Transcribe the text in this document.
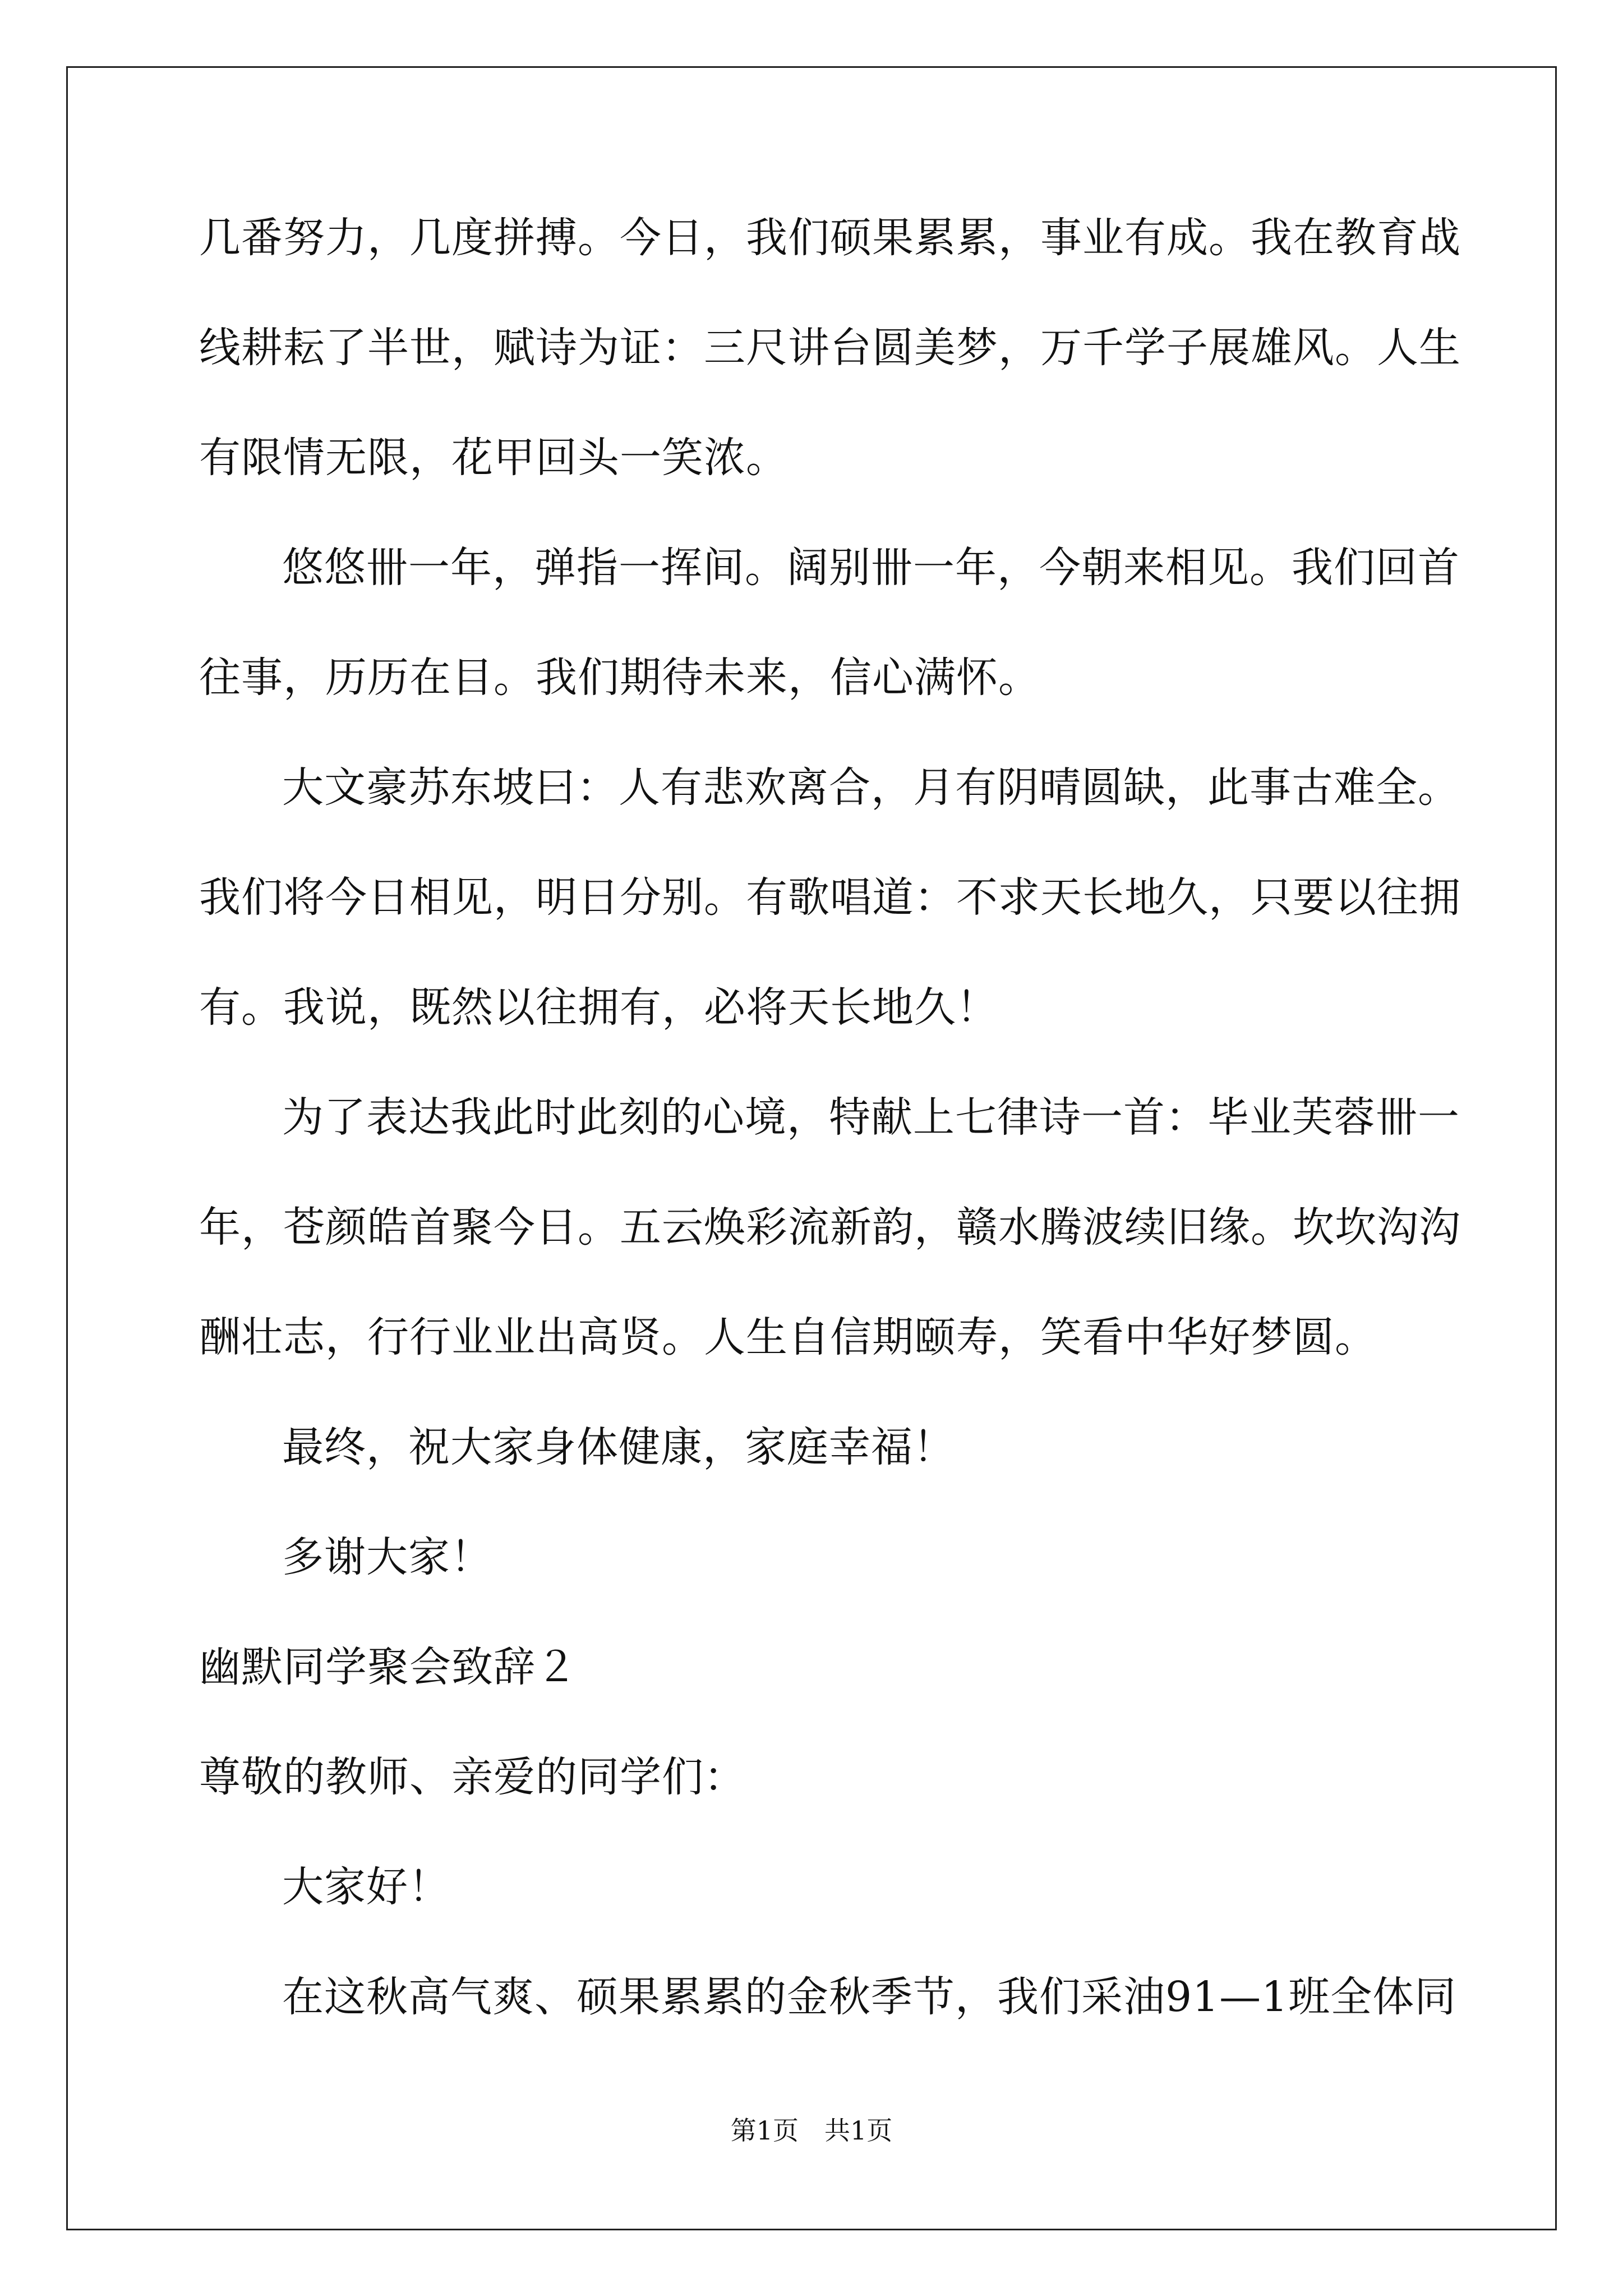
几番努力，几度拼搏。今日，我们硕果累累，事业有成。我在教育战
线耕耘了半世，赋诗为证：三尺讲台圆美梦，万千学子展雄风。人生
有限情无限，花甲回头一笑浓。
悠悠卌一年，弹指一挥间。阔别卌一年，今朝来相见。我们回首
往事，历历在目。我们期待未来，信心满怀。
大文豪苏东坡曰：人有悲欢离合，月有阴晴圆缺，此事古难全。
我们将今日相见，明日分别。有歌唱道：不求天长地久，只要以往拥
有。我说，既然以往拥有，必将天长地久！
为了表达我此时此刻的心境，特献上七律诗一首：毕业芙蓉卌一
年，苍颜皓首聚今日。五云焕彩流新韵，赣水腾波续旧缘。坎坎沟沟
酬壮志，行行业业出高贤。人生自信期颐寿，笑看中华好梦圆。
最终，祝大家身体健康，家庭幸福！
多谢大家！
幽默同学聚会致辞２
尊敬的教师、亲爱的同学们：
大家好！
在这秋高气爽、硕果累累的金秋季节，我们采油91—1班全体同
第1页　共1页
